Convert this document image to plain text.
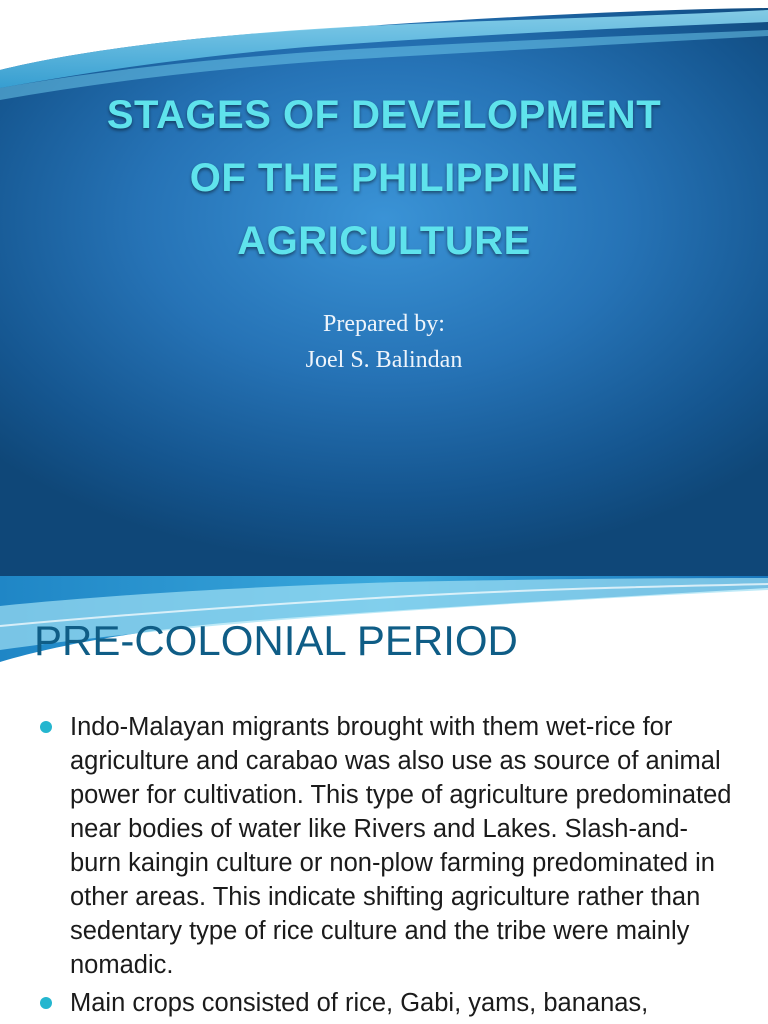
STAGES OF DEVELOPMENT
OF THE PHILIPPINE
AGRICULTURE
Prepared by:
Joel S. Balindan
PRE-COLONIAL PERIOD
Indo-Malayan migrants brought with them wet-rice for agriculture and carabao was also use as source of animal power for cultivation. This type of agriculture predominated near bodies of water like Rivers and Lakes. Slash-and-burn kaingin culture or non-plow farming predominated in other areas. This indicate shifting agriculture rather than sedentary type of rice culture and the tribe were mainly nomadic.
Main crops consisted of rice, Gabi, yams, bananas,
